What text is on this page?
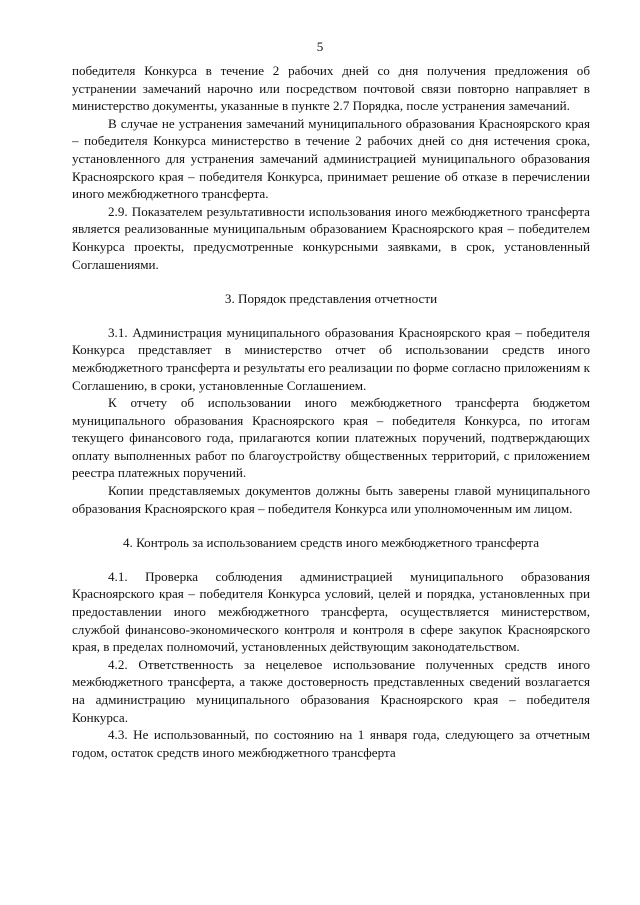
5

победителя Конкурса в течение 2 рабочих дней со дня получения предложения об устранении замечаний нарочно или посредством почтовой связи повторно направляет в министерство документы, указанные в пункте 2.7 Порядка, после устранения замечаний.

В случае не устранения замечаний муниципального образования Красноярского края – победителя Конкурса министерство в течение 2 рабочих дней со дня истечения срока, установленного для устранения замечаний администрацией муниципального образования Красноярского края – победителя Конкурса, принимает решение об отказе в перечислении иного межбюджетного трансферта.

2.9. Показателем результативности использования иного межбюджетного трансферта является реализованные муниципальным образованием Красноярского края – победителем Конкурса проекты, предусмотренные конкурсными заявками, в срок, установленный Соглашениями.

3. Порядок представления отчетности

3.1. Администрация муниципального образования Красноярского края – победителя Конкурса представляет в министерство отчет об использовании средств иного межбюджетного трансферта и результаты его реализации по форме согласно приложениям к Соглашению, в сроки, установленные Соглашением.

К отчету об использовании иного межбюджетного трансферта бюджетом муниципального образования Красноярского края – победителя Конкурса, по итогам текущего финансового года, прилагаются копии платежных поручений, подтверждающих оплату выполненных работ по благоустройству общественных территорий, с приложением реестра платежных поручений.

Копии представляемых документов должны быть заверены главой муниципального образования Красноярского края – победителя Конкурса или уполномоченным им лицом.

4. Контроль за использованием средств иного межбюджетного трансферта

4.1. Проверка соблюдения администрацией муниципального образования Красноярского края – победителя Конкурса условий, целей и порядка, установленных при предоставлении иного межбюджетного трансферта, осуществляется министерством, службой финансово-экономического контроля и контроля в сфере закупок Красноярского края, в пределах полномочий, установленных действующим законодательством.

4.2. Ответственность за нецелевое использование полученных средств иного межбюджетного трансферта, а также достоверность представленных сведений возлагается на администрацию муниципального образования Красноярского края – победителя Конкурса.

4.3. Не использованный, по состоянию на 1 января года, следующего за отчетным годом, остаток средств иного межбюджетного трансферта
